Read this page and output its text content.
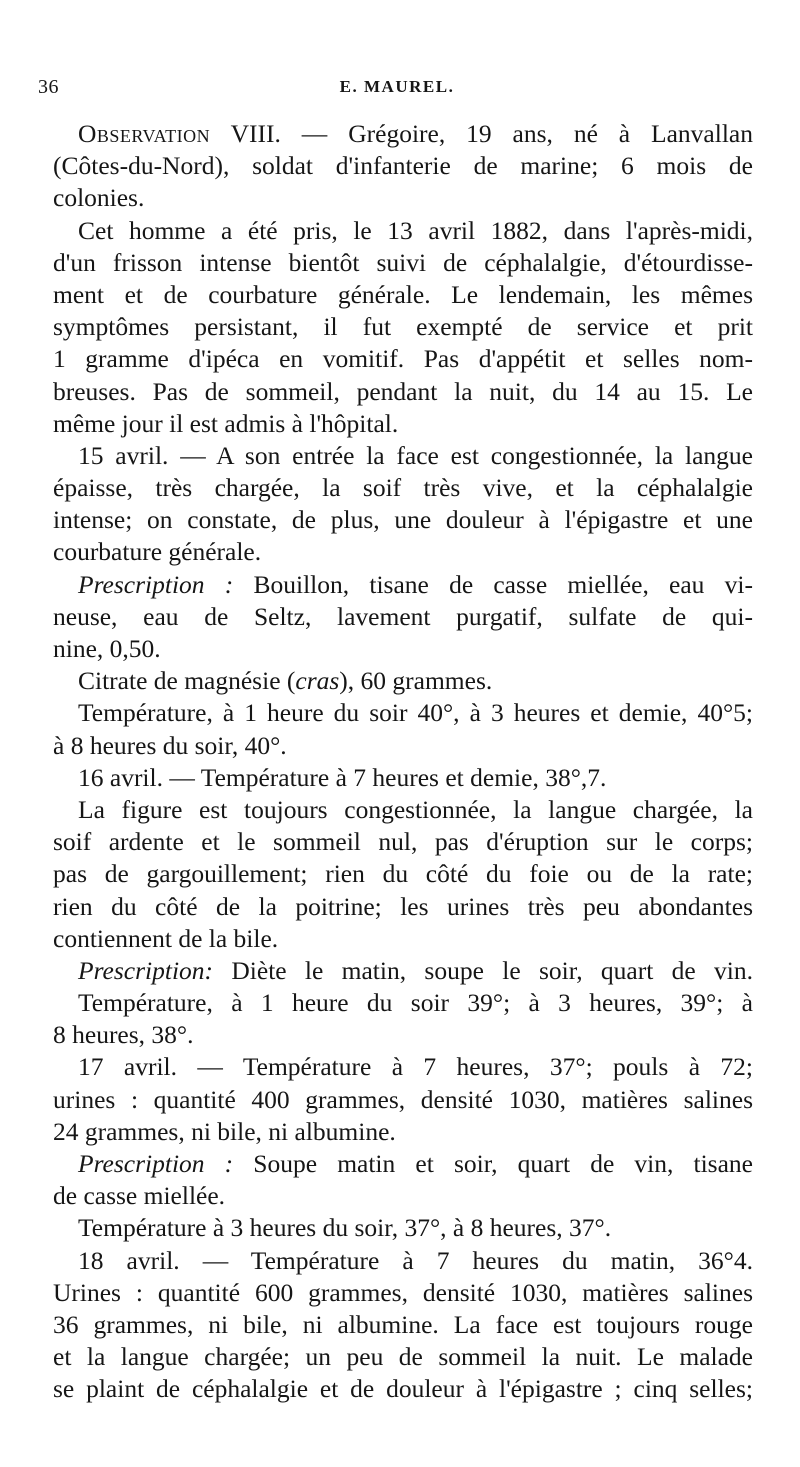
36	E. MAUREL.
Observation VIII. — Grégoire, 19 ans, né à Lanvallan
(Côtes-du-Nord), soldat d'infanterie de marine; 6 mois de
colonies.
Cet homme a été pris, le 13 avril 1882, dans l'après-midi,
d'un frisson intense bientôt suivi de céphalalgie, d'étourdisse-
ment et de courbature générale. Le lendemain, les mêmes
symptômes persistant, il fut exempté de service et prit
1 gramme d'ipéca en vomitif. Pas d'appétit et selles nom-
breuses. Pas de sommeil, pendant la nuit, du 14 au 15. Le
même jour il est admis à l'hôpital.
15 avril. — A son entrée la face est congestionnée, la langue
épaisse, très chargée, la soif très vive, et la céphalalgie
intense; on constate, de plus, une douleur à l'épigastre et une
courbature générale.
Prescription : Bouillon, tisane de casse miellée, eau vi-
neuse, eau de Seltz, lavement purgatif, sulfate de qui-
nine, 0,50.
Citrate de magnésie (cras), 60 grammes.
Température, à 1 heure du soir 40°, à 3 heures et demie, 40°5;
à 8 heures du soir, 40°.
16 avril. — Température à 7 heures et demie, 38°,7.
La figure est toujours congestionnée, la langue chargée, la
soif ardente et le sommeil nul, pas d'éruption sur le corps;
pas de gargouillement; rien du côté du foie ou de la rate;
rien du côté de la poitrine; les urines très peu abondantes
contiennent de la bile.
Prescription: Diète le matin, soupe le soir, quart de vin.
Température, à 1 heure du soir 39°; à 3 heures, 39°; à
8 heures, 38°.
17 avril. — Température à 7 heures, 37°; pouls à 72;
urines : quantité 400 grammes, densité 1030, matières salines
24 grammes, ni bile, ni albumine.
Prescription : Soupe matin et soir, quart de vin, tisane
de casse miellée.
Température à 3 heures du soir, 37°, à 8 heures, 37°.
18 avril. — Température à 7 heures du matin, 36°4.
Urines : quantité 600 grammes, densité 1030, matières salines
36 grammes, ni bile, ni albumine. La face est toujours rouge
et la langue chargée; un peu de sommeil la nuit. Le malade
se plaint de céphalalgie et de douleur à l'épigastre ; cinq selles;
